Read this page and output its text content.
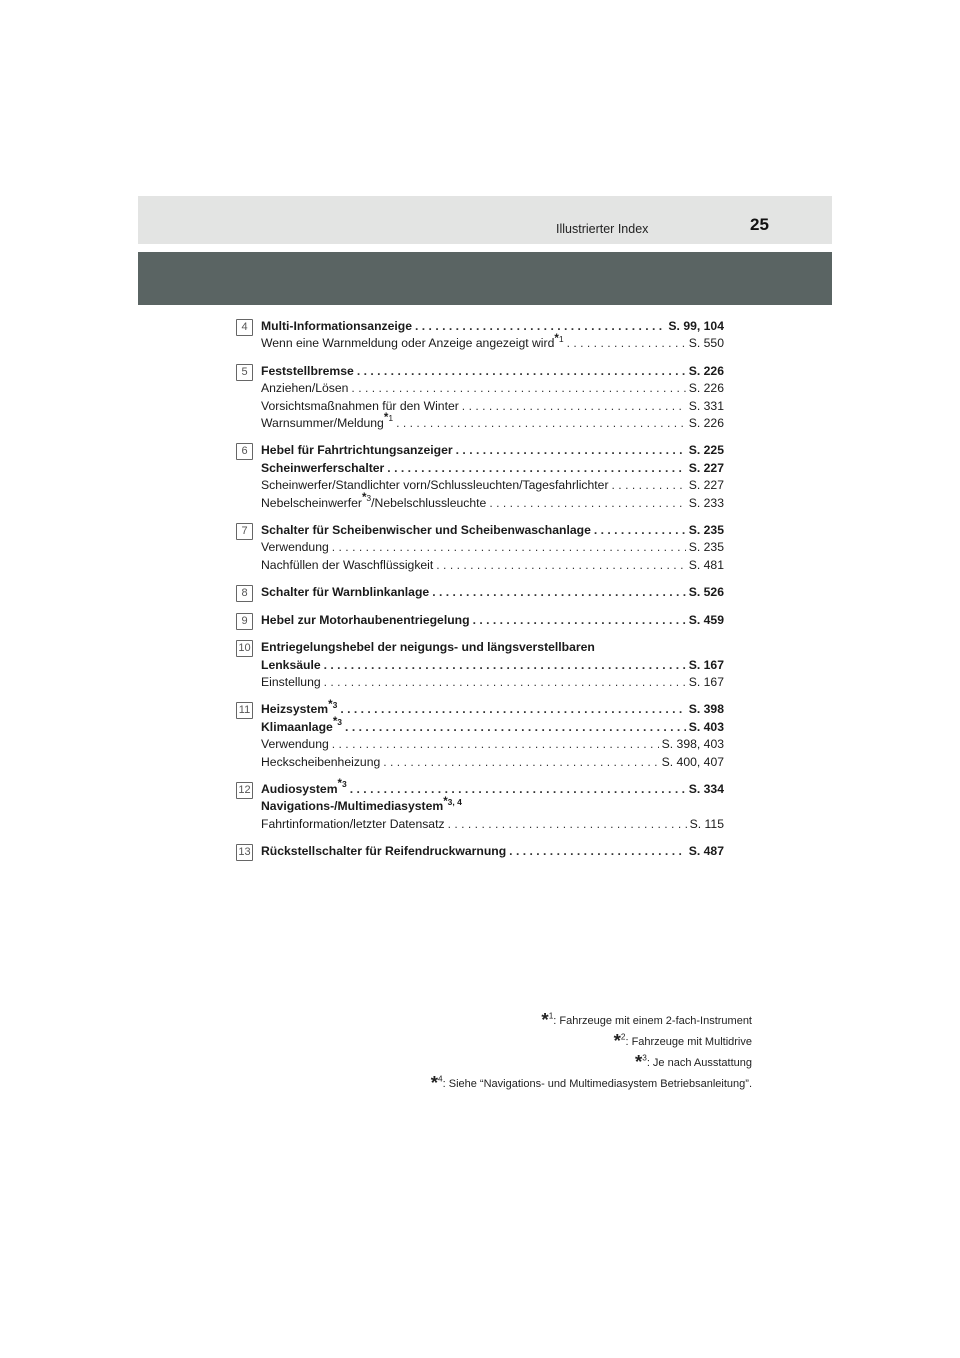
Illustrierter Index	25
4	Multi-Informationsanzeige . . .	S. 99, 104
Wenn eine Warnmeldung oder Anzeige angezeigt wird$^{*1}$ . . .	S. 550
5	Feststellbremse . . .	S. 226
Anziehen/Lösen . . .	S. 226
Vorsichtsmaßnahmen für den Winter . . .	S. 331
Warnsummer/Meldung$^{*1}$ . . .	S. 226
6	Hebel für Fahrtrichtungsanzeiger . . .	S. 225
Scheinwerferschalter . . .	S. 227
Scheinwerfer/Standlichter vorn/Schlussleuchten/Tagesfahrlichter . . .	S. 227
Nebelscheinwerfer$^{*3}$/Nebelschlussleuchte . . .	S. 233
7	Schalter für Scheibenwischer und Scheibenwaschanlage . . .	S. 235
Verwendung . . .	S. 235
Nachfüllen der Waschflüssigkeit . . .	S. 481
8	Schalter für Warnblinkanlage . . .	S. 526
9	Hebel zur Motorhaubenentriegelung . . .	S. 459
10 Entriegelungshebel der neigungs- und längsverstellbaren
Lenksäule . . .	S. 167
Einstellung . . .	S. 167
11 Heizsystem$^{*3}$ . . .	S. 398
Klimaanlage$^{*3}$ . . .	S. 403
Verwendung . . .	S. 398, 403
Heckscheibenheizung . . .	S. 400, 407
12 Audiosystem$^{*3}$ . . .	S. 334
Navigations-/Multimediasystem$^{*3, 4}$
Fahrtinformation/letzter Datensatz . . .	S. 115
13 Rückstellschalter für Reifendruckwarnung . . .	S. 487
*$^1$: Fahrzeuge mit einem 2-fach-Instrument
*$^2$: Fahrzeuge mit Multidrive
*$^3$: Je nach Ausstattung
*$^4$: Siehe “Navigations- und Multimediasystem Betriebsanleitung”.
